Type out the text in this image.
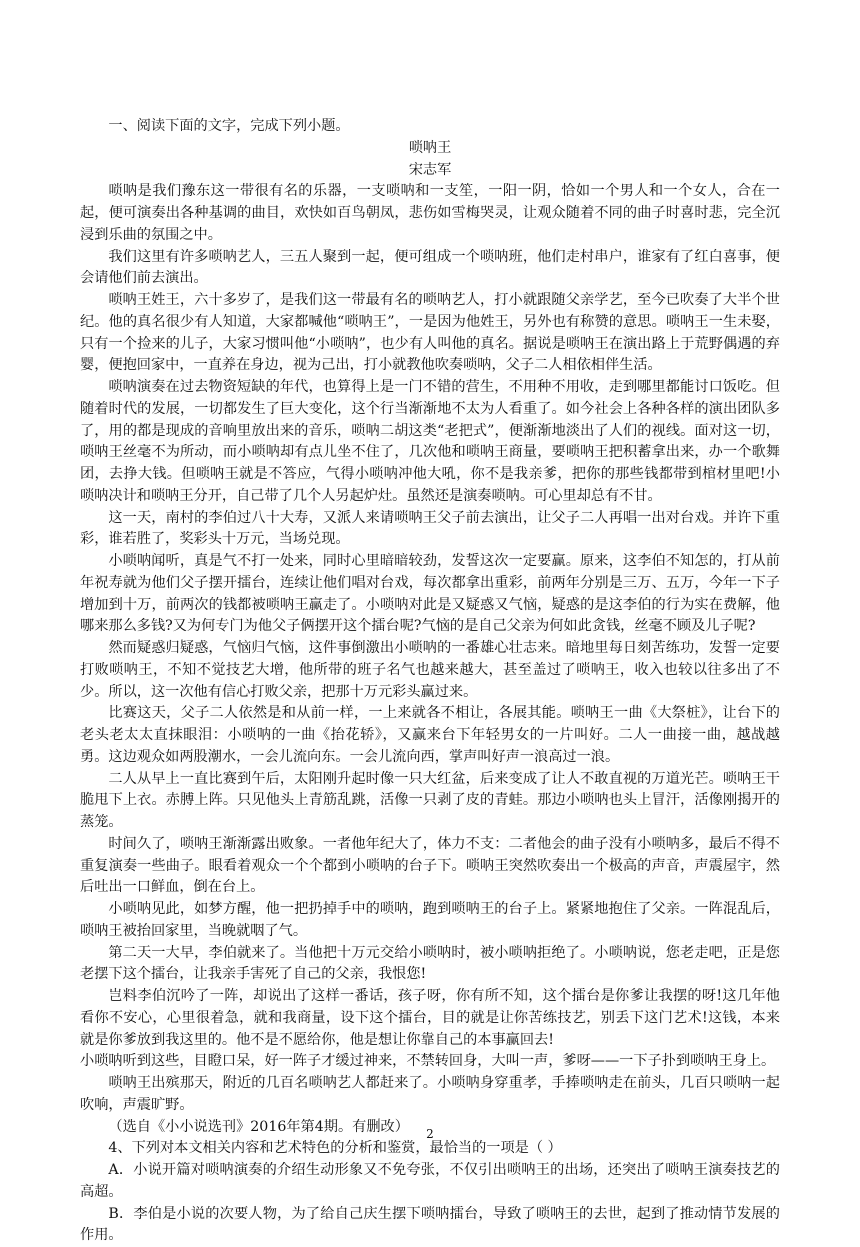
一、阅读下面的文字，完成下列小题。

唢呐王

宋志军

唢呐是我们豫东这一带很有名的乐器，一支唢呐和一支笙，一阳一阴，恰如一个男人和一个女人，合在一起，便可演奏出各种基调的曲目，欢快如百鸟朝凤，悲伤如雪梅哭灵，让观众随着不同的曲子时喜时悲，完全沉浸到乐曲的氛围之中。

我们这里有许多唢呐艺人，三五人聚到一起，便可组成一个唢呐班，他们走村串户，谁家有了红白喜事，便会请他们前去演出。

唢呐王姓王，六十多岁了，是我们这一带最有名的唢呐艺人，打小就跟随父亲学艺，至今已吹奏了大半个世纪。他的真名很少有人知道，大家都喊他“唢呐王”，一是因为他姓王，另外也有称赞的意思。唢呐王一生未娶，只有一个捡来的儿子，大家习惯叫他“小唢呐”，也少有人叫他的真名。据说是唢呐王在演出路上于荒野偶遇的弃婴，便抱回家中，一直养在身边，视为己出，打小就教他吹奏唢呐，父子二人相依相伴生活。

唢呐演奏在过去物资短缺的年代，也算得上是一门不错的营生，不用种不用收，走到哪里都能讨口饭吃。但随着时代的发展，一切都发生了巨大变化，这个行当渐渐地不太为人看重了。如今社会上各种各样的演出团队多了，用的都是现成的音响里放出来的音乐，唢呐二胡这类“老把式”，便渐渐地淡出了人们的视线。面对这一切，唢呐王丝毫不为所动，而小唢呐却有点儿坐不住了，几次他和唢呐王商量，要唢呐王把积蓄拿出来，办一个歌舞团，去挣大钱。但唢呐王就是不答应，气得小唢呐冲他大吼，你不是我亲爹，把你的那些钱都带到棺材里吧!小唢呐决计和唢呐王分开，自己带了几个人另起炉灶。虽然还是演奏唢呐。可心里却总有不甘。

这一天，南村的李伯过八十大寿，又派人来请唢呐王父子前去演出，让父子二人再唱一出对台戏。并许下重彩，谁若胜了，奖彩头十万元，当场兑现。

小唢呐闻听，真是气不打一处来，同时心里暗暗较劲，发誓这次一定要赢。原来，这李伯不知怎的，打从前年祝寿就为他们父子摆开擂台，连续让他们唱对台戏，每次都拿出重彩，前两年分别是三万、五万，今年一下子增加到十万，前两次的钱都被唢呐王赢走了。小唢呐对此是又疑惑又气恼，疑惑的是这李伯的行为实在费解，他哪来那么多钱?又为何专门为他父子俩摆开这个擂台呢?气恼的是自己父亲为何如此贪钱，丝毫不顾及儿子呢?

然而疑惑归疑惑，气恼归气恼，这件事倒激出小唢呐的一番雄心壮志来。暗地里每日刻苦练功，发誓一定要打败唢呐王，不知不觉技艺大增，他所带的班子名气也越来越大，甚至盖过了唢呐王，收入也较以往多出了不少。所以，这一次他有信心打败父亲，把那十万元彩头赢过来。

比赛这天，父子二人依然是和从前一样，一上来就各不相让，各展其能。唢呐王一曲《大祭桩》，让台下的老头老太太直抹眼泪：小唢呐的一曲《抬花轿》，又赢来台下年轻男女的一片叫好。二人一曲接一曲，越战越勇。这边观众如两股潮水，一会儿流向东。一会儿流向西，掌声叫好声一浪高过一浪。

二人从早上一直比赛到午后，太阳刚升起时像一只大红盆，后来变成了让人不敢直视的万道光芒。唢呐王干脆甩下上衣。赤膊上阵。只见他头上青筋乱跳，活像一只剥了皮的青蛙。那边小唢呐也头上冒汗，活像刚揭开的蒸笼。

时间久了，唢呐王渐渐露出败象。一者他年纪大了，体力不支：二者他会的曲子没有小唢呐多，最后不得不重复演奏一些曲子。眼看着观众一个个都到小唢呐的台子下。唢呐王突然吹奏出一个极高的声音，声震屋宇，然后吐出一口鲜血，倒在台上。

小唢呐见此，如梦方醒，他一把扔掉手中的唢呐，跑到唢呐王的台子上。紧紧地抱住了父亲。一阵混乱后，唢呐王被抬回家里，当晚就咽了气。

第二天一大早，李伯就来了。当他把十万元交给小唢呐时，被小唢呐拒绝了。小唢呐说，您老走吧，正是您老摆下这个擂台，让我亲手害死了自己的父亲，我恨您!

岂料李伯沉吟了一阵，却说出了这样一番话，孩子呀，你有所不知，这个擂台是你爹让我摆的呀!这几年他看你不安心，心里很着急，就和我商量，设下这个擂台，目的就是让你苦练技艺，别丢下这门艺术!这钱，本来就是你爹放到我这里的。他不是不愿给你，他是想让你靠自己的本事赢回去!

小唢呐听到这些，目瞪口呆，好一阵子才缓过神来，不禁转回身，大叫一声，爹呀——一下子扑到唢呐王身上。

唢呐王出殡那天，附近的几百名唢呐艺人都赶来了。小唢呐身穿重孝，手捧唢呐走在前头，几百只唢呐一起吹响，声震旷野。

（选自《小小说选刊》2016年第4期。有删改）

4、下列对本文相关内容和艺术特色的分析和鉴赏，最恰当的一项是（ ）

A．小说开篇对唢呐演奏的介绍生动形象又不免夸张，不仅引出唢呐王的出场，还突出了唢呐王演奏技艺的高超。

B．李伯是小说的次要人物，为了给自己庆生摆下唢呐擂台，导致了唢呐王的去世，起到了推动情节发展的作用。

2
